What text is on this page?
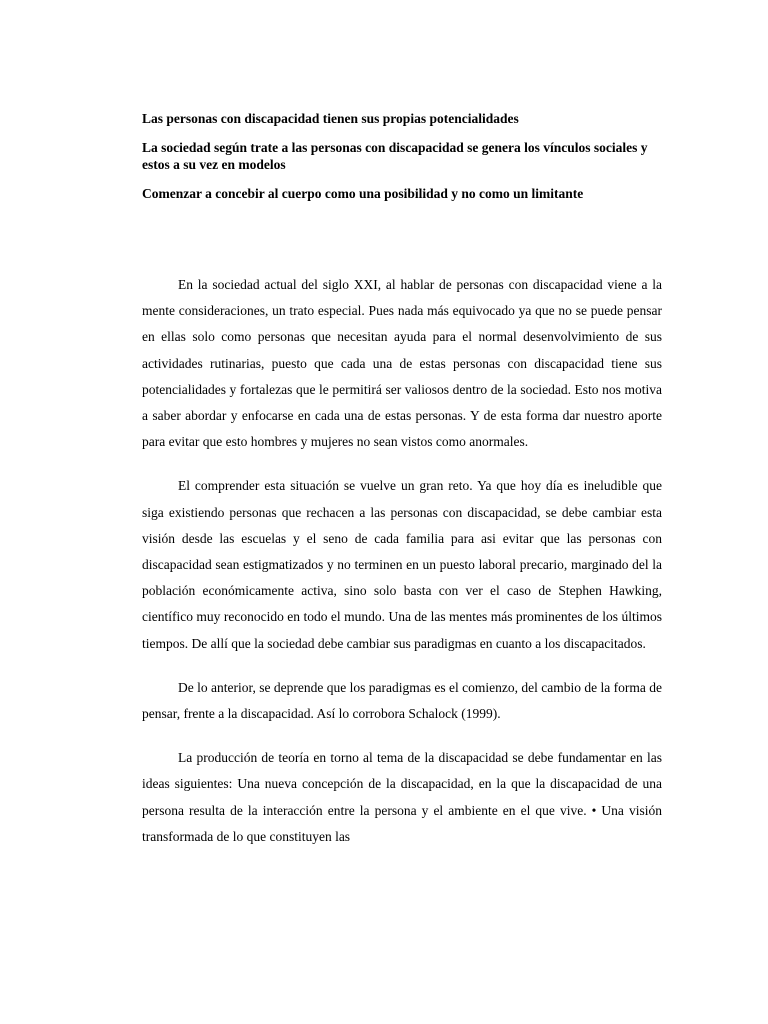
Las personas con discapacidad tienen sus propias potencialidades

La sociedad según trate a las personas con discapacidad se genera los vínculos sociales y estos a su vez en modelos

Comenzar a concebir al cuerpo como una posibilidad y no como un limitante

En la sociedad actual del siglo XXI, al hablar de personas con discapacidad viene a la mente consideraciones, un trato especial. Pues nada más equivocado ya que no se puede pensar en ellas solo como personas que necesitan ayuda para el normal desenvolvimiento de sus actividades rutinarias, puesto que cada una de estas personas con discapacidad tiene sus potencialidades y fortalezas que le permitirá ser valiosos dentro de la sociedad. Esto nos motiva a saber abordar y enfocarse en cada una de estas personas. Y de esta forma dar nuestro aporte para evitar que esto hombres y mujeres no sean vistos como anormales.

El comprender esta situación se vuelve un gran reto. Ya que hoy día es ineludible que siga existiendo personas que rechacen a las personas con discapacidad, se debe cambiar esta visión desde las escuelas y el seno de cada familia para asi evitar que las personas con discapacidad sean estigmatizados y no terminen en un puesto laboral precario, marginado del la población económicamente activa, sino solo basta con ver el caso de Stephen Hawking, científico muy reconocido en todo el mundo. Una de las mentes más prominentes de los últimos tiempos. De allí que la sociedad debe cambiar sus paradigmas en cuanto a los discapacitados.

De lo anterior, se deprende que los paradigmas es el comienzo, del cambio de la forma de pensar, frente a la discapacidad. Así lo corrobora Schalock (1999).

La producción de teoría en torno al tema de la discapacidad se debe fundamentar en las ideas siguientes: Una nueva concepción de la discapacidad, en la que la discapacidad de una persona resulta de la interacción entre la persona y el ambiente en el que vive. • Una visión transformada de lo que constituyen las
